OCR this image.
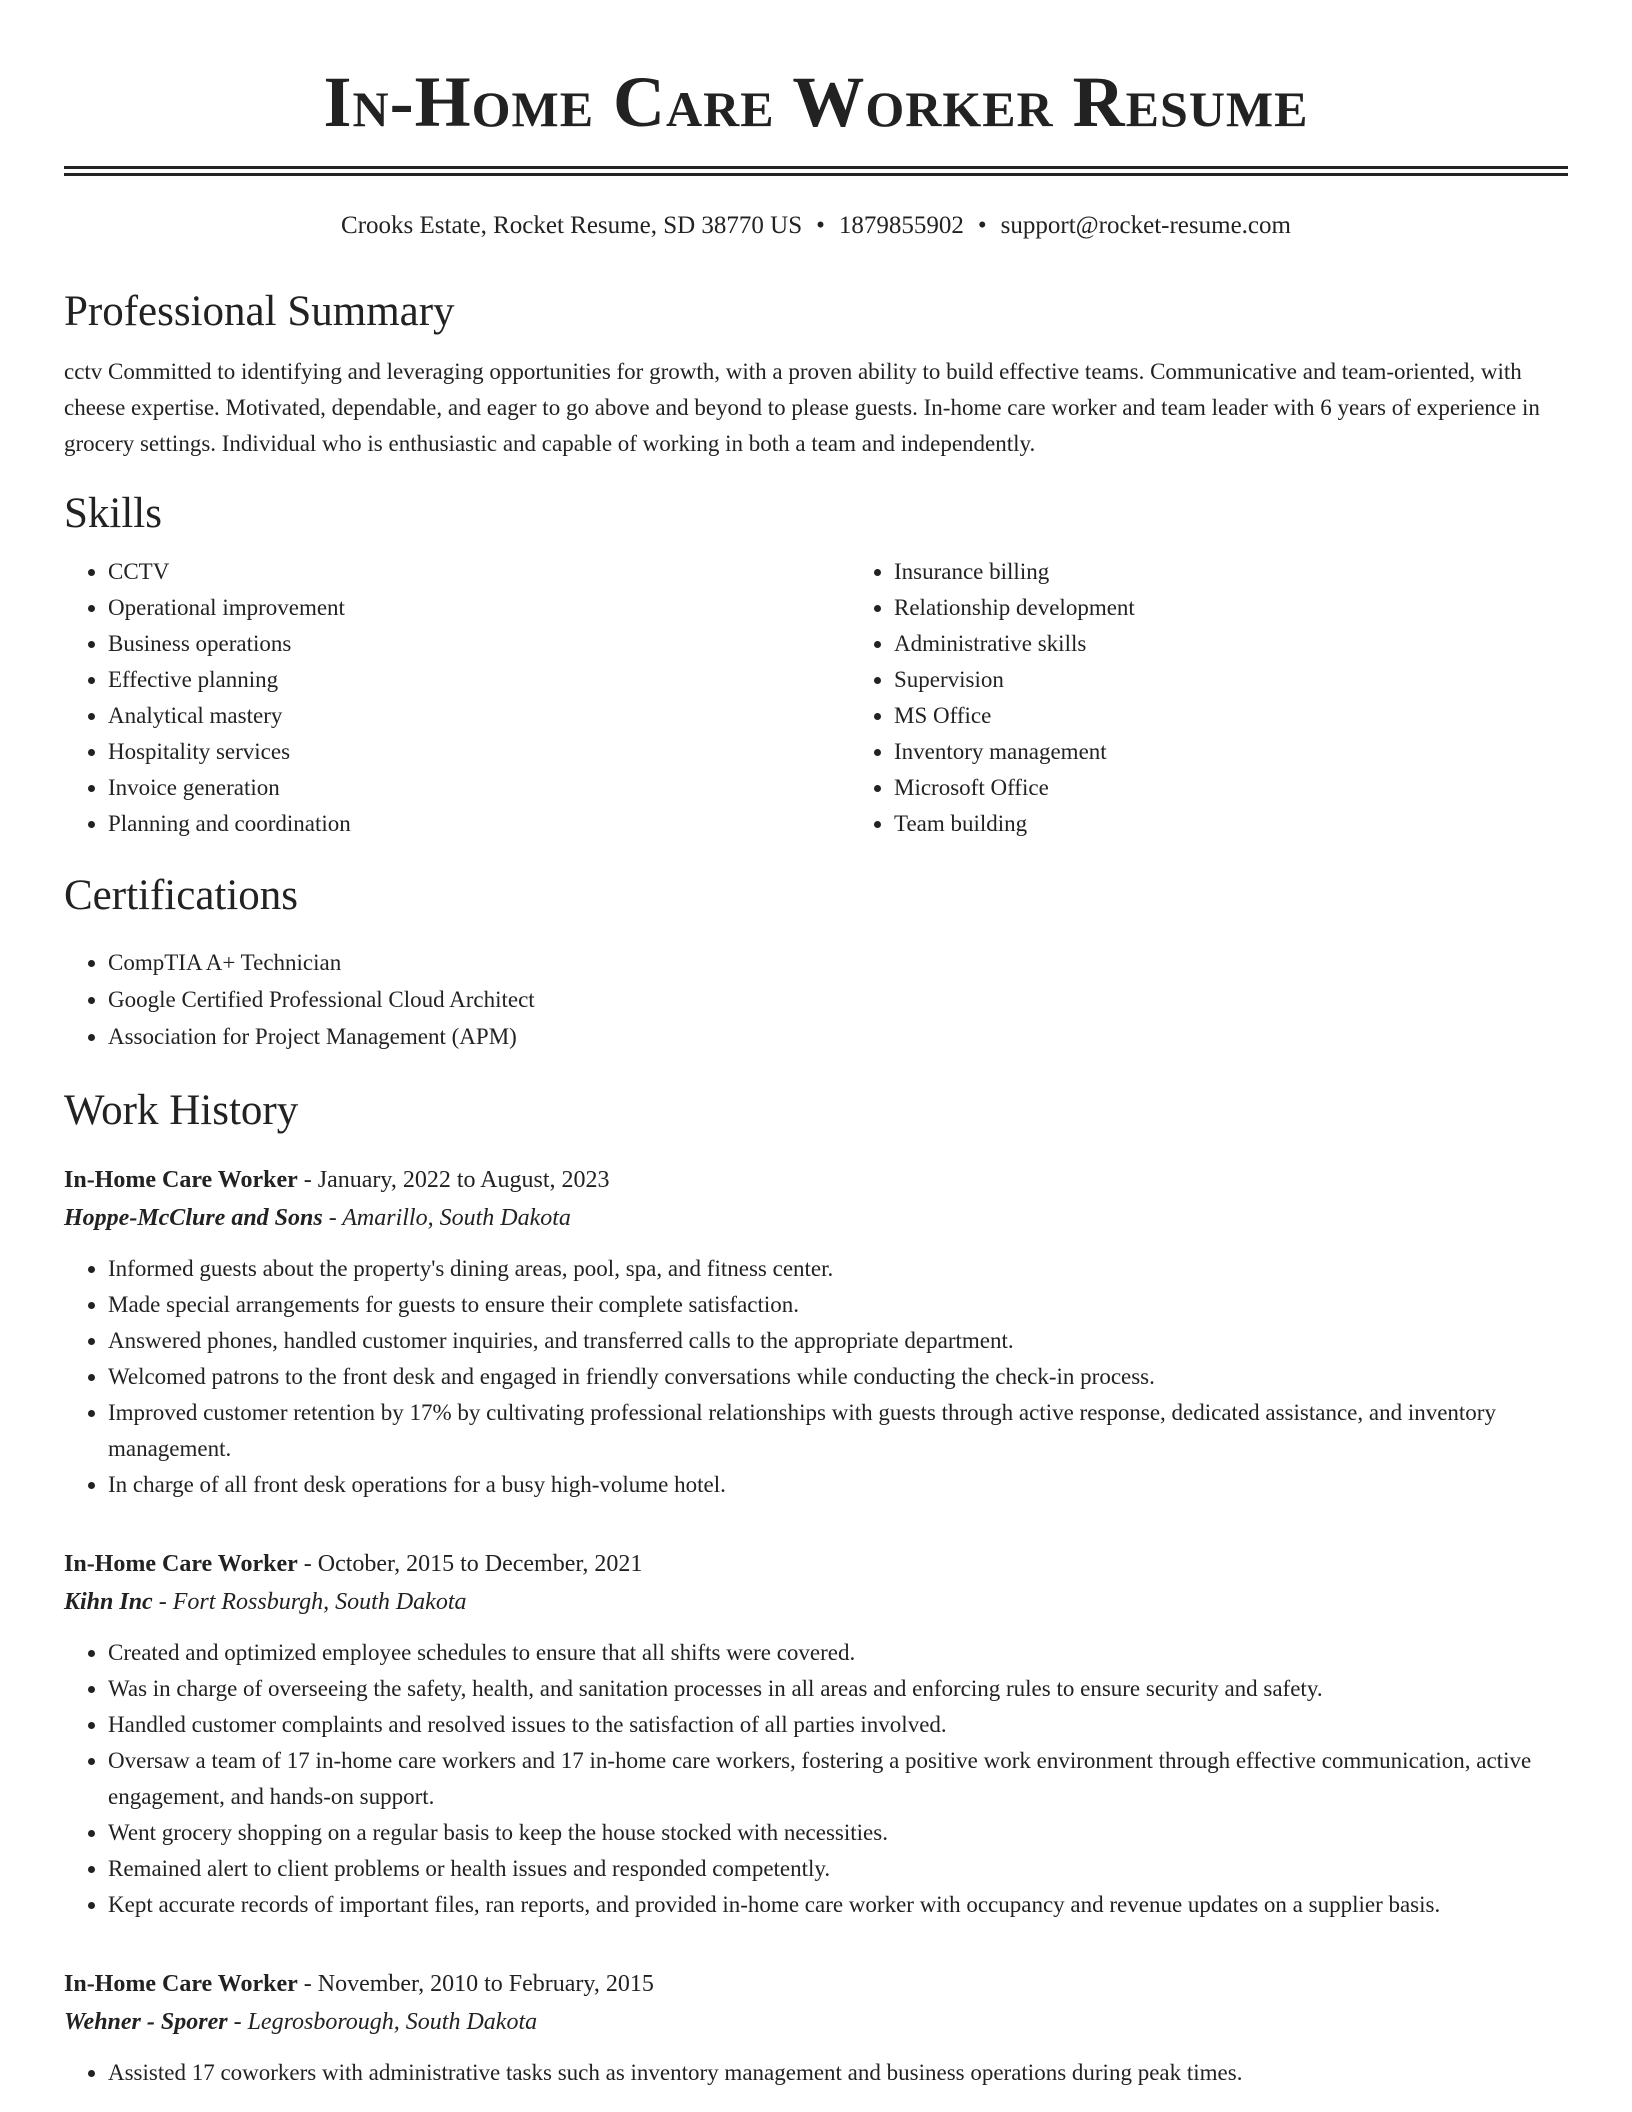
In-Home Care Worker Resume
Crooks Estate, Rocket Resume, SD 38770 US • 1879855902 • support@rocket-resume.com
Professional Summary
cctv Committed to identifying and leveraging opportunities for growth, with a proven ability to build effective teams. Communicative and team-oriented, with cheese expertise. Motivated, dependable, and eager to go above and beyond to please guests. In-home care worker and team leader with 6 years of experience in grocery settings. Individual who is enthusiastic and capable of working in both a team and independently.
Skills
• CCTV
• Operational improvement
• Business operations
• Effective planning
• Analytical mastery
• Hospitality services
• Invoice generation
• Planning and coordination
• Insurance billing
• Relationship development
• Administrative skills
• Supervision
• MS Office
• Inventory management
• Microsoft Office
• Team building
Certifications
• CompTIA A+ Technician
• Google Certified Professional Cloud Architect
• Association for Project Management (APM)
Work History
In-Home Care Worker - January, 2022 to August, 2023
Hoppe-McClure and Sons - Amarillo, South Dakota
• Informed guests about the property's dining areas, pool, spa, and fitness center.
• Made special arrangements for guests to ensure their complete satisfaction.
• Answered phones, handled customer inquiries, and transferred calls to the appropriate department.
• Welcomed patrons to the front desk and engaged in friendly conversations while conducting the check-in process.
• Improved customer retention by 17% by cultivating professional relationships with guests through active response, dedicated assistance, and inventory management.
• In charge of all front desk operations for a busy high-volume hotel.
In-Home Care Worker - October, 2015 to December, 2021
Kihn Inc - Fort Rossburgh, South Dakota
• Created and optimized employee schedules to ensure that all shifts were covered.
• Was in charge of overseeing the safety, health, and sanitation processes in all areas and enforcing rules to ensure security and safety.
• Handled customer complaints and resolved issues to the satisfaction of all parties involved.
• Oversaw a team of 17 in-home care workers and 17 in-home care workers, fostering a positive work environment through effective communication, active engagement, and hands-on support.
• Went grocery shopping on a regular basis to keep the house stocked with necessities.
• Remained alert to client problems or health issues and responded competently.
• Kept accurate records of important files, ran reports, and provided in-home care worker with occupancy and revenue updates on a supplier basis.
In-Home Care Worker - November, 2010 to February, 2015
Wehner - Sporer - Legrosborough, South Dakota
• Assisted 17 coworkers with administrative tasks such as inventory management and business operations during peak times.
